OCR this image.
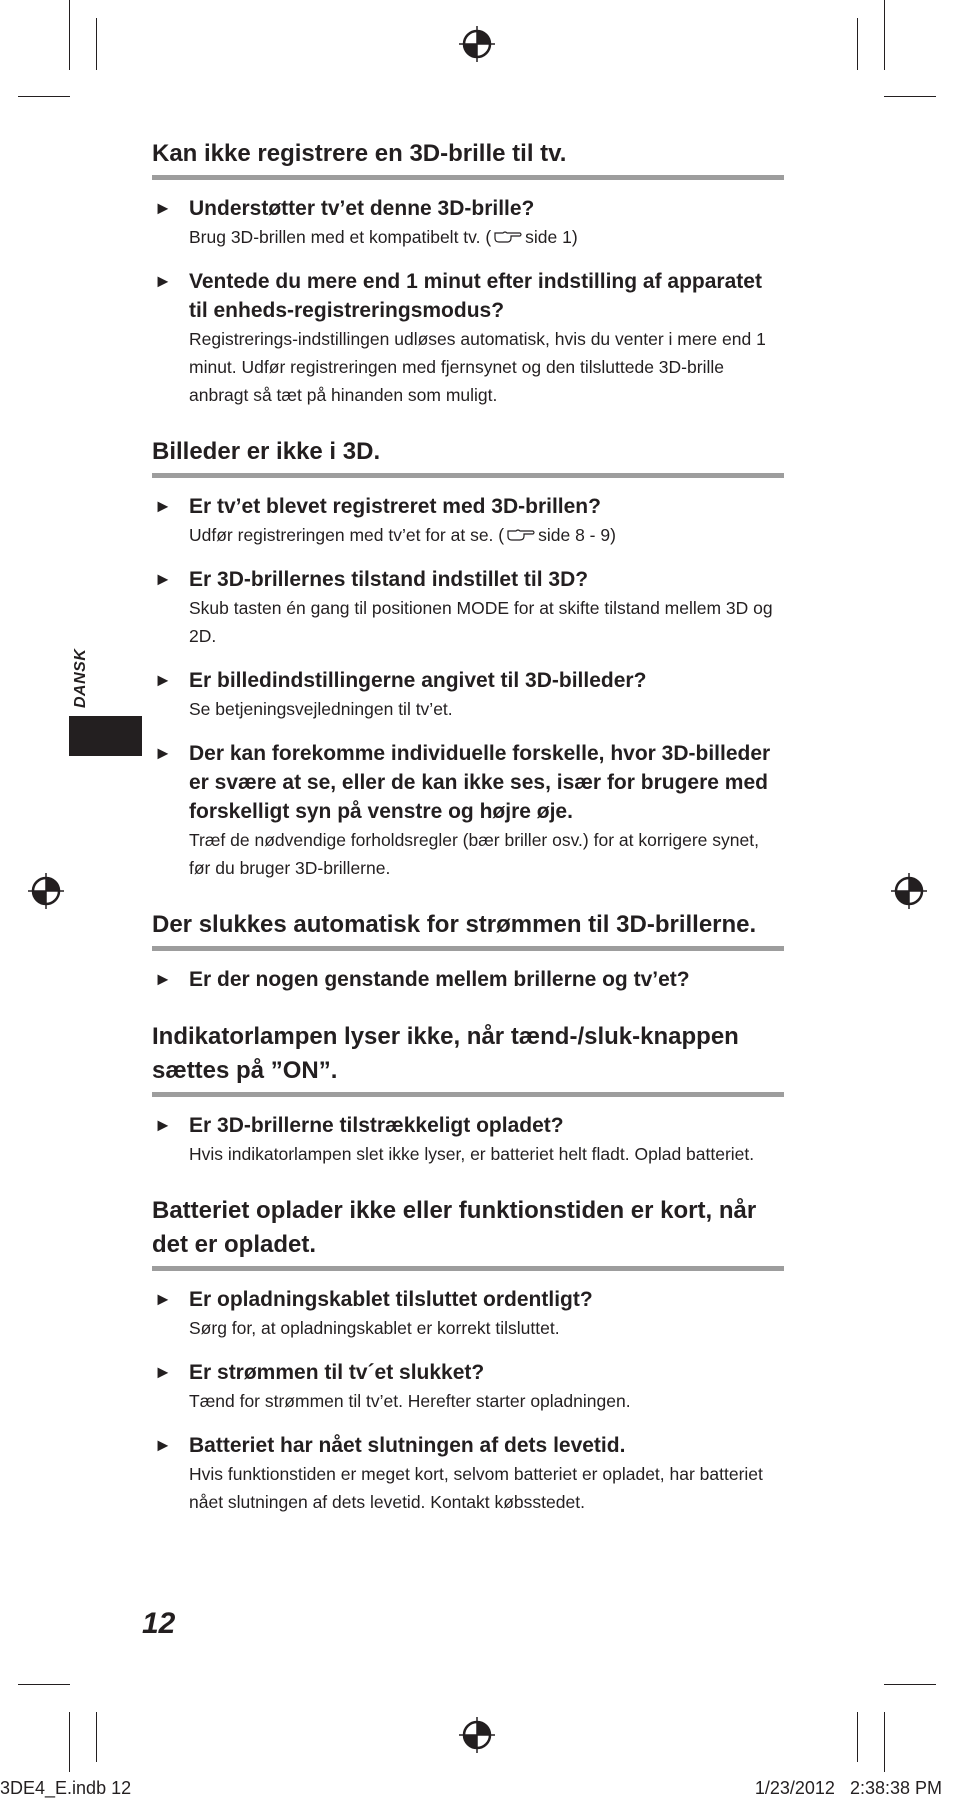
DANSK
Kan ikke registrere en 3D-brille til tv.
► Understøtter tv’et denne 3D-brille?
Brug 3D-brillen med et kompatibelt tv. ( side 1)
► Ventede du mere end 1 minut efter indstilling af apparatet til enheds-registreringsmodus?
Registrerings-indstillingen udløses automatisk, hvis du venter i mere end 1 minut. Udfør registreringen med fjernsynet og den tilsluttede 3D-brille anbragt så tæt på hinanden som muligt.
Billeder er ikke i 3D.
► Er tv’et blevet registreret med 3D-brillen?
Udfør registreringen med tv’et for at se. ( side 8 - 9)
► Er 3D-brillernes tilstand indstillet til 3D?
Skub tasten én gang til positionen MODE for at skifte tilstand mellem 3D og 2D.
► Er billedindstillingerne angivet til 3D-billeder?
Se betjeningsvejledningen til tv’et.
► Der kan forekomme individuelle forskelle, hvor 3D-billeder er svære at se, eller de kan ikke ses, især for brugere med forskelligt syn på venstre og højre øje.
Træf de nødvendige forholdsregler (bær briller osv.) for at korrigere synet, før du bruger 3D-brillerne.
Der slukkes automatisk for strømmen til 3D-brillerne.
► Er der nogen genstande mellem brillerne og tv’et?
Indikatorlampen lyser ikke, når tænd-/sluk-knappen sættes på ”ON”.
► Er 3D-brillerne tilstrækkeligt opladet?
Hvis indikatorlampen slet ikke lyser, er batteriet helt fladt. Oplad batteriet.
Batteriet oplader ikke eller funktionstiden er kort, når det er opladet.
► Er opladningskablet tilsluttet ordentligt?
Sørg for, at opladningskablet er korrekt tilsluttet.
► Er strømmen til tv´et slukket?
Tænd for strømmen til tv’et. Herefter starter opladningen.
► Batteriet har nået slutningen af dets levetid.
Hvis funktionstiden er meget kort, selvom batteriet er opladet, har batteriet nået slutningen af dets levetid. Kontakt købsstedet.
12
3DE4_E.indb 12	1/23/2012   2:38:38 PM
